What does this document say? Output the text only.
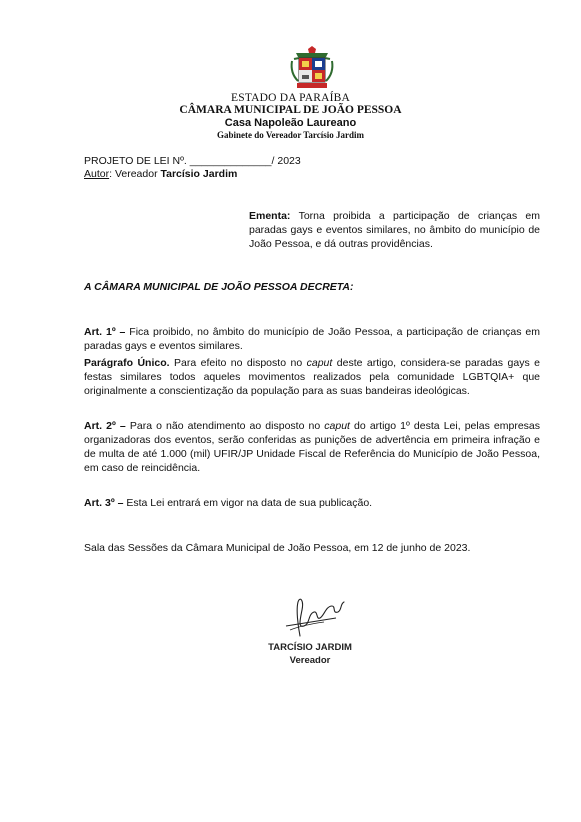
ESTADO DA PARAÍBA
CÂMARA MUNICIPAL DE JOÃO PESSOA
Casa Napoleão Laureano
Gabinete do Vereador Tarcísio Jardim
PROJETO DE LEI Nº. ______________/ 2023
Autor: Vereador Tarcísio Jardim
Ementa: Torna proibida a participação de crianças em paradas gays e eventos similares, no âmbito do município de João Pessoa, e dá outras providências.
A CÂMARA MUNICIPAL DE JOÃO PESSOA DECRETA:
Art. 1º – Fica proibido, no âmbito do município de João Pessoa, a participação de crianças em paradas gays e eventos similares.
Parágrafo Único. Para efeito no disposto no caput deste artigo, considera-se paradas gays e festas similares todos aqueles movimentos realizados pela comunidade LGBTQIA+ que originalmente a conscientização da população para as suas bandeiras ideológicas.
Art. 2º – Para o não atendimento ao disposto no caput do artigo 1º desta Lei, pelas empresas organizadoras dos eventos, serão conferidas as punições de advertência em primeira infração e de multa de até 1.000 (mil) UFIR/JP Unidade Fiscal de Referência do Município de João Pessoa, em caso de reincidência.
Art. 3º – Esta Lei entrará em vigor na data de sua publicação.
Sala das Sessões da Câmara Municipal de João Pessoa, em 12 de junho de 2023.
TARCÍSIO JARDIM
Vereador
